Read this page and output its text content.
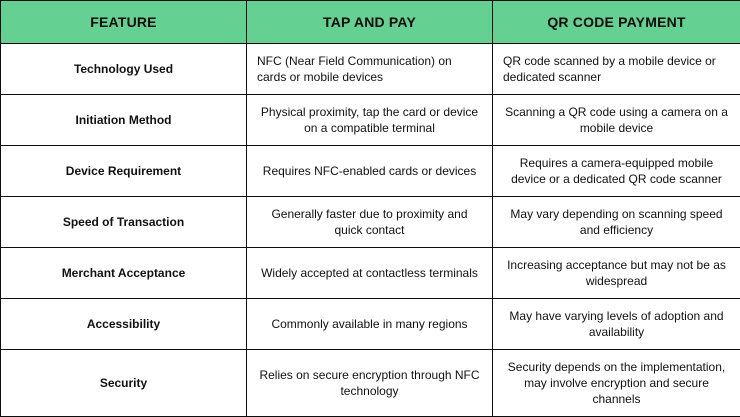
FEATURE	TAP AND PAY	QR CODE PAYMENT
Technology Used	NFC (Near Field Communication) on cards or mobile devices	QR code scanned by a mobile device or dedicated scanner
Initiation Method	Physical proximity, tap the card or device on a compatible terminal	Scanning a QR code using a camera on a mobile device
Device Requirement	Requires NFC-enabled cards or devices	Requires a camera-equipped mobile device or a dedicated QR code scanner
Speed of Transaction	Generally faster due to proximity and quick contact	May vary depending on scanning speed and efficiency
Merchant Acceptance	Widely accepted at contactless terminals	Increasing acceptance but may not be as widespread
Accessibility	Commonly available in many regions	May have varying levels of adoption and availability
Security	Relies on secure encryption through NFC technology	Security depends on the implementation, may involve encryption and secure channels
